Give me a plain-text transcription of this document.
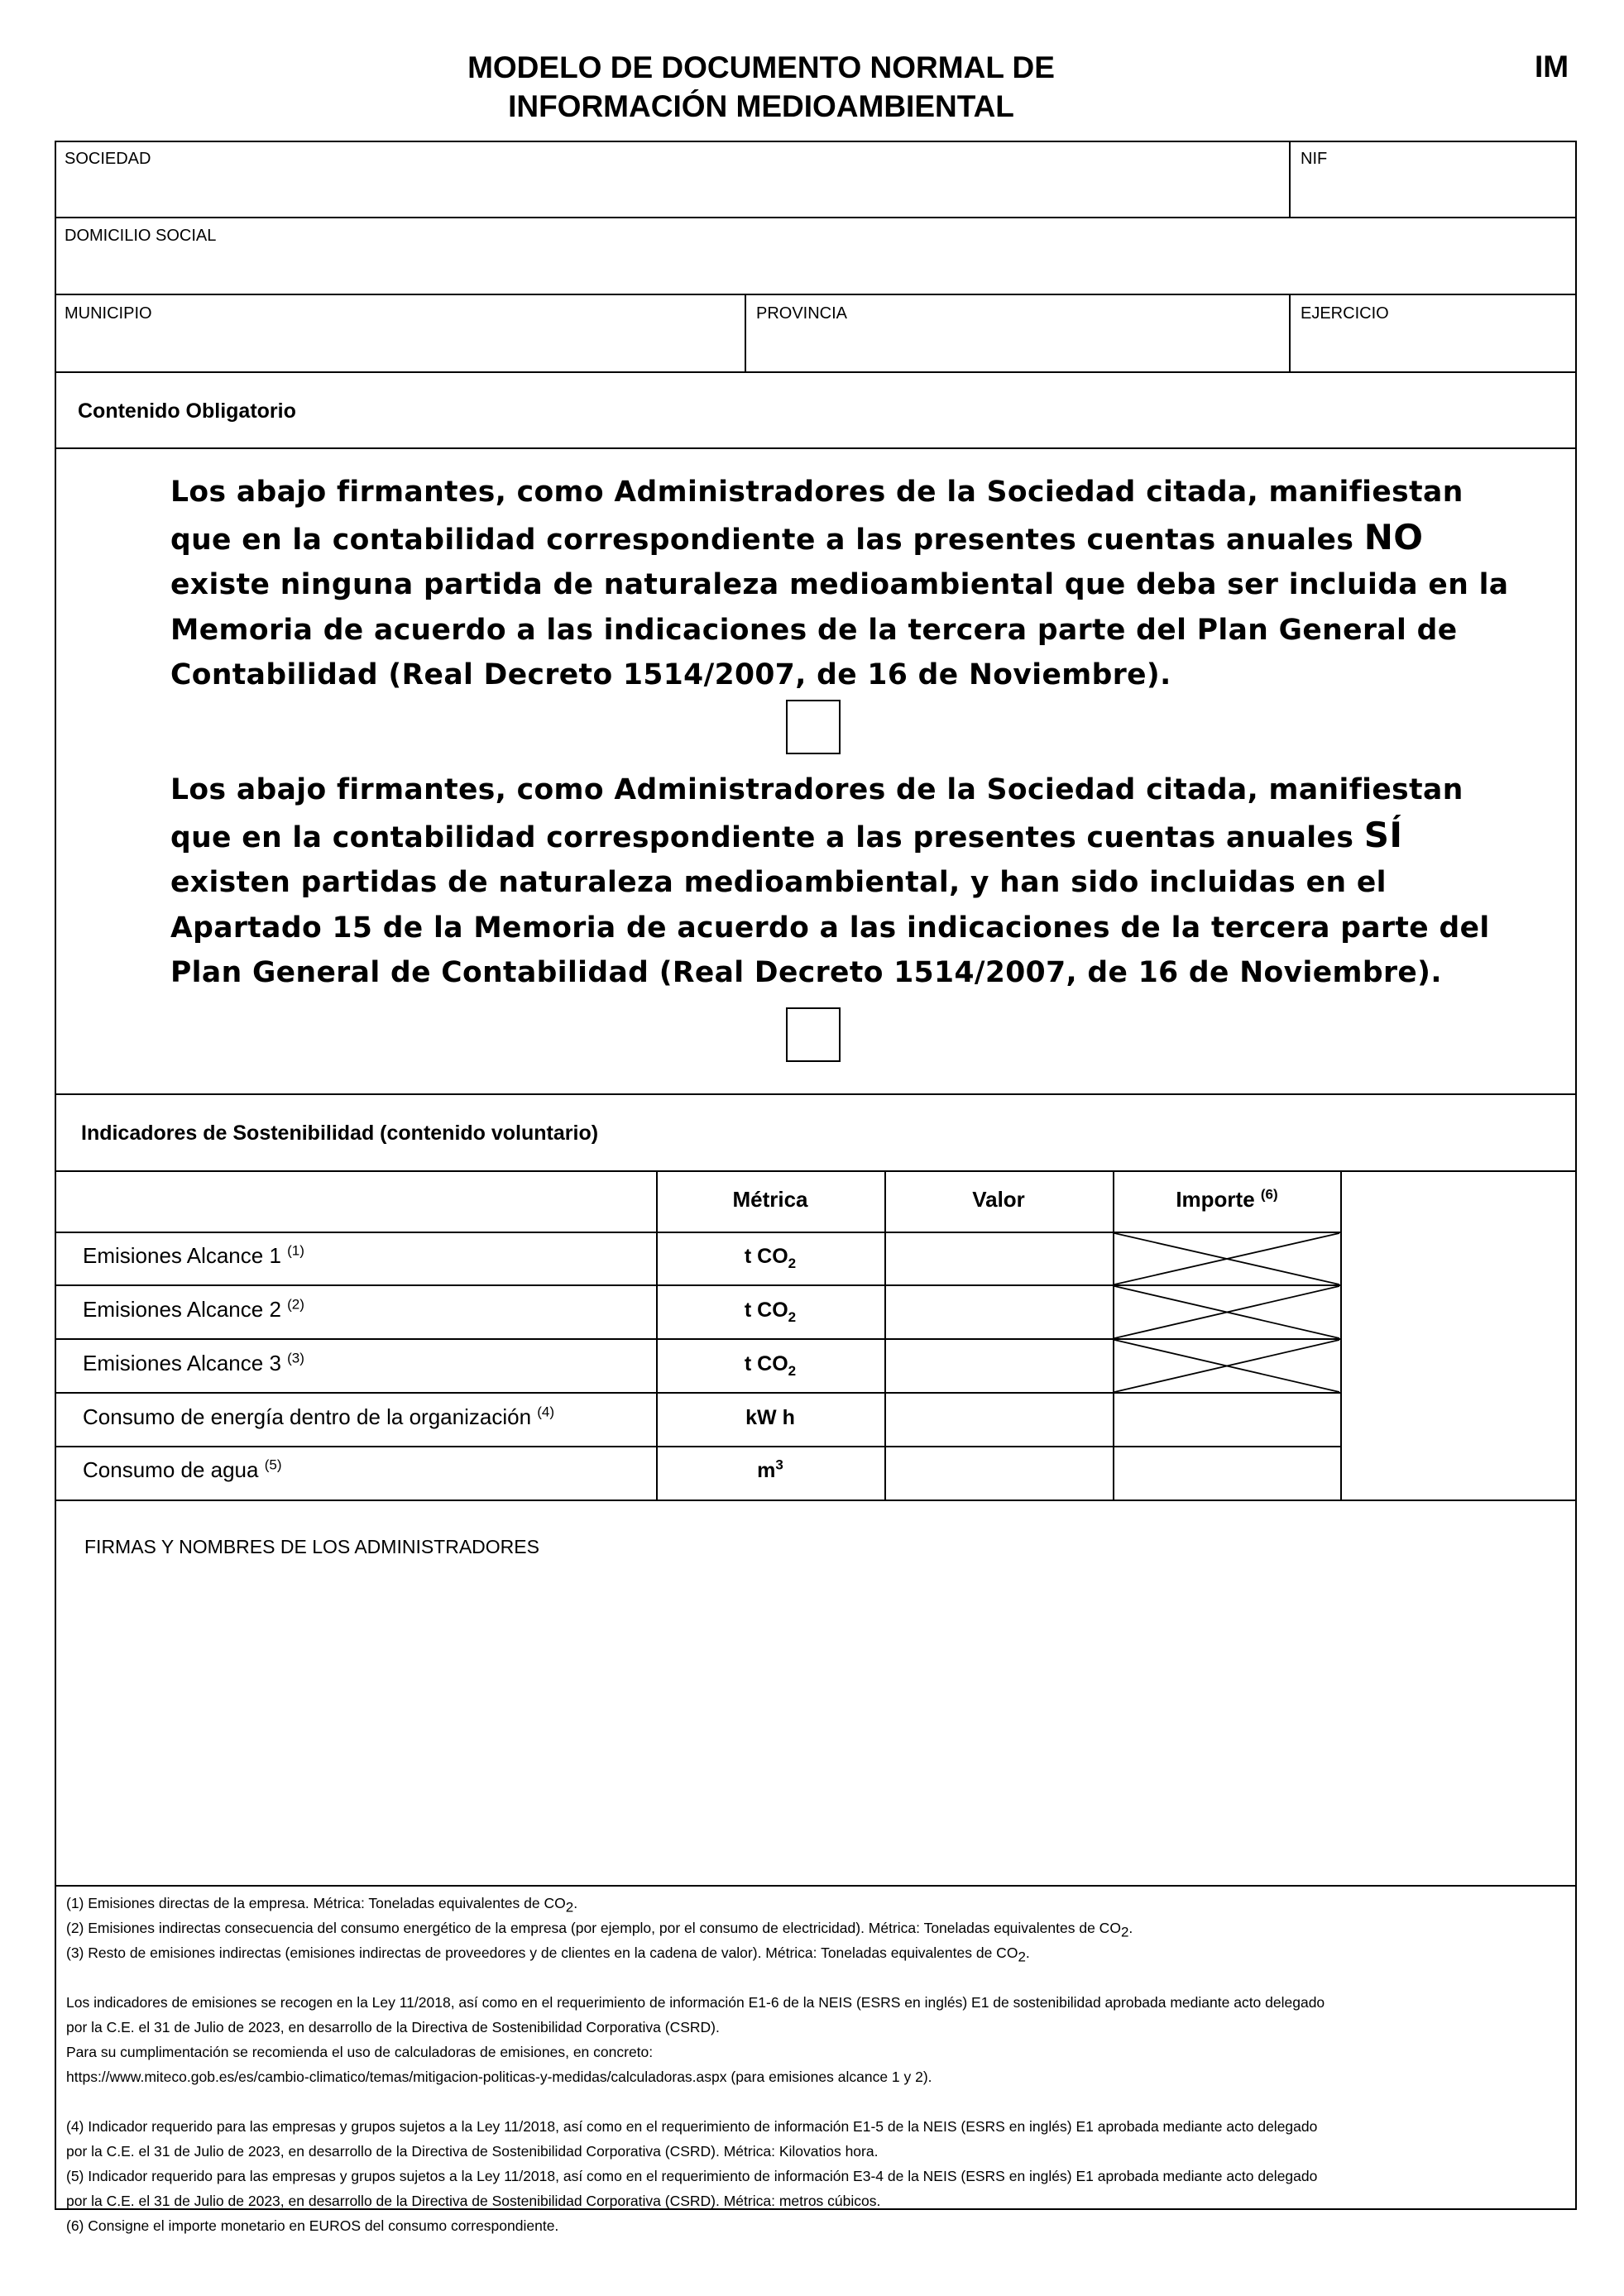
MODELO DE DOCUMENTO NORMAL DE
INFORMACIÓN MEDIOAMBIENTAL
IM
SOCIEDAD	NIF
DOMICILIO SOCIAL
MUNICIPIO	PROVINCIA	EJERCICIO
Contenido Obligatorio
Los abajo firmantes, como Administradores de la Sociedad citada, manifiestan que en la contabilidad correspondiente a las presentes cuentas anuales NO existe ninguna partida de naturaleza medioambiental que deba ser incluida en la Memoria de acuerdo a las indicaciones de la tercera parte del Plan General de Contabilidad (Real Decreto 1514/2007, de 16 de Noviembre).
Los abajo firmantes, como Administradores de la Sociedad citada, manifiestan que en la contabilidad correspondiente a las presentes cuentas anuales SÍ existen partidas de naturaleza medioambiental, y han sido incluidas en el Apartado 15 de la Memoria de acuerdo a las indicaciones de la tercera parte del Plan General de Contabilidad (Real Decreto 1514/2007, de 16 de Noviembre).
Indicadores de Sostenibilidad (contenido voluntario)
Métrica	Valor	Importe $^{(6)}$
Emisiones Alcance 1 $^{(1)}$	t $CO_2$
Emisiones Alcance 2 $^{(2)}$	t $CO_2$
Emisiones Alcance 3 $^{(3)}$	t $CO_2$
Consumo de energía dentro de la organización $^{(4)}$	kW h
Consumo de agua $^{(5)}$	$m^3$
FIRMAS Y NOMBRES DE LOS ADMINISTRADORES

(1) Emisiones directas de la empresa. Métrica: Toneladas equivalentes de $CO_2$.

(2) Emisiones indirectas consecuencia del consumo energético de la empresa (por ejemplo, por el consumo de electricidad). Métrica: Toneladas equivalentes de $CO_2$.

(3) Resto de emisiones indirectas (emisiones indirectas de proveedores y de clientes en la cadena de valor). Métrica: Toneladas equivalentes de $CO_2$.

Los indicadores de emisiones se recogen en la Ley 11/2018, así como en el requerimiento de información E1-6 de la NEIS (ESRS en inglés) E1 de sostenibilidad aprobada mediante acto delegado

por la C.E. el 31 de Julio de 2023, en desarrollo de la Directiva de Sostenibilidad Corporativa (CSRD).

Para su cumplimentación se recomienda el uso de calculadoras de emisiones, en concreto:

https://www.miteco.gob.es/es/cambio-climatico/temas/mitigacion-politicas-y-medidas/calculadoras.aspx (para emisiones alcance 1 y 2).

(4) Indicador requerido para las empresas y grupos sujetos a la Ley 11/2018, así como en el requerimiento de información E1-5 de la NEIS (ESRS en inglés) E1 aprobada mediante acto delegado

por la C.E. el 31 de Julio de 2023, en desarrollo de la Directiva de Sostenibilidad Corporativa (CSRD). Métrica: Kilovatios hora.

(5) Indicador requerido para las empresas y grupos sujetos a la Ley 11/2018, así como en el requerimiento de información E3-4 de la NEIS (ESRS en inglés) E1 aprobada mediante acto delegado

por la C.E. el 31 de Julio de 2023, en desarrollo de la Directiva de Sostenibilidad Corporativa (CSRD). Métrica: metros cúbicos.

(6) Consigne el importe monetario en EUROS del consumo correspondiente.
